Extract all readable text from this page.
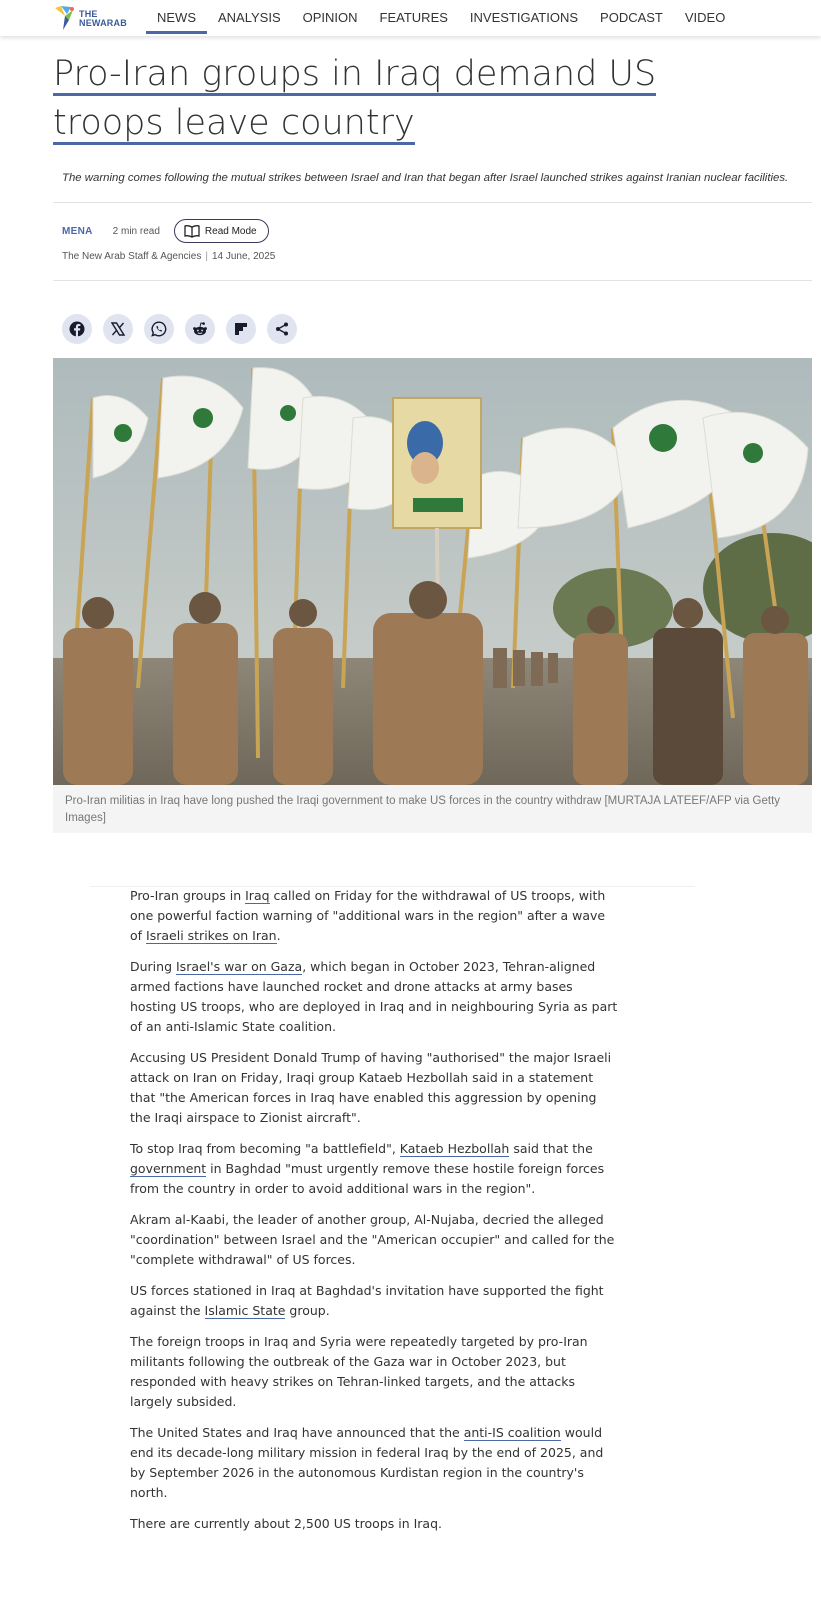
THE
NEWARAB	NEWS	ANALYSIS	OPINION	FEATURES	INVESTIGATIONS	PODCAST	VIDEO
Pro-Iran groups in Iraq demand US troops leave country

The warning comes following the mutual strikes between Israel and Iran that began after Israel launched strikes against Iranian nuclear facilities.

MENA 2 min read	Read Mode
The New Arab Staff & Agencies | 14 June, 2025

Pro-Iran militias in Iraq have long pushed the Iraqi government to make US forces in the country withdraw [MURTAJA LATEEF/AFP via Getty Images]

Pro-Iran groups in Iraq called on Friday for the withdrawal of US troops, with one powerful faction warning of "additional wars in the region" after a wave of Israeli strikes on Iran.

During Israel's war on Gaza, which began in October 2023, Tehran-aligned armed factions have launched rocket and drone attacks at army bases hosting US troops, who are deployed in Iraq and in neighbouring Syria as part of an anti-Islamic State coalition.

Accusing US President Donald Trump of having "authorised" the major Israeli attack on Iran on Friday, Iraqi group Kataeb Hezbollah said in a statement that "the American forces in Iraq have enabled this aggression by opening the Iraqi airspace to Zionist aircraft".

To stop Iraq from becoming "a battlefield", Kataeb Hezbollah said that the government in Baghdad "must urgently remove these hostile foreign forces from the country in order to avoid additional wars in the region".

Akram al-Kaabi, the leader of another group, Al-Nujaba, decried the alleged "coordination" between Israel and the "American occupier" and called for the "complete withdrawal" of US forces.

US forces stationed in Iraq at Baghdad's invitation have supported the fight against the Islamic State group.

The foreign troops in Iraq and Syria were repeatedly targeted by pro-Iran militants following the outbreak of the Gaza war in October 2023, but responded with heavy strikes on Tehran-linked targets, and the attacks largely subsided.

The United States and Iraq have announced that the anti-IS coalition would end its decade-long military mission in federal Iraq by the end of 2025, and by September 2026 in the autonomous Kurdistan region in the country's north.

There are currently about 2,500 US troops in Iraq.
